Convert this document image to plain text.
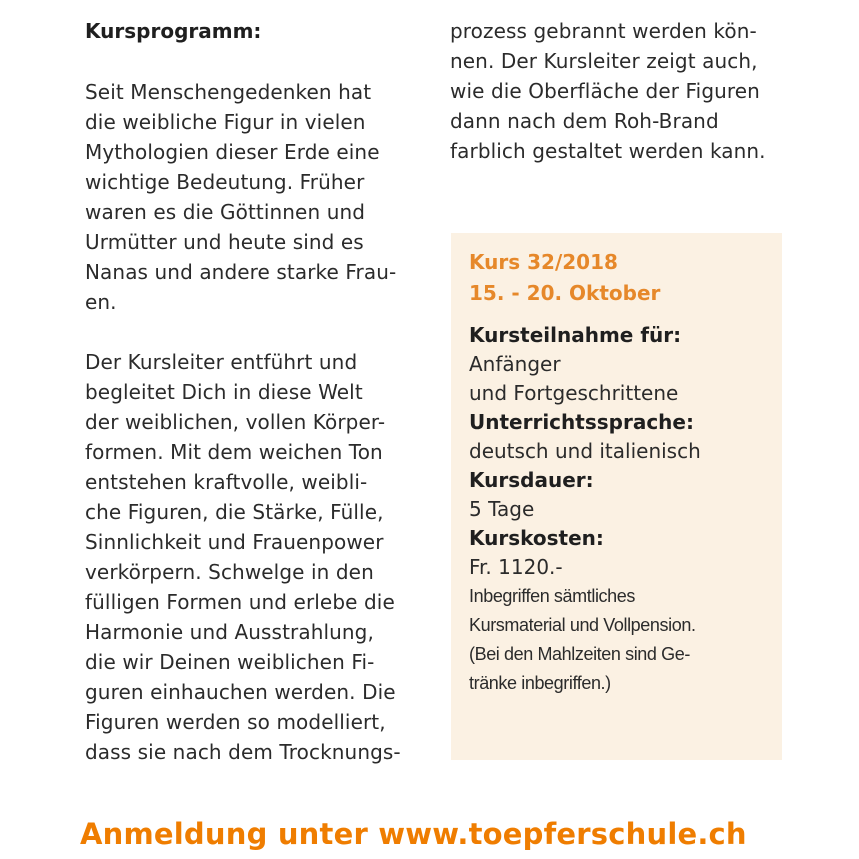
Kursprogramm:

Seit Menschengedenken hat
die weibliche Figur in vielen
Mythologien dieser Erde eine
wichtige Bedeutung. Früher
waren es die Göttinnen und
Urmütter und heute sind es
Nanas und andere starke Frau-
en.

Der Kursleiter entführt und
begleitet Dich in diese Welt
der weiblichen, vollen Körper-
formen. Mit dem weichen Ton
entstehen kraftvolle, weibli-
che Figuren, die Stärke, Fülle,
Sinnlichkeit und Frauenpower
verkörpern. Schwelge in den
fülligen Formen und erlebe die
Harmonie und Ausstrahlung,
die wir Deinen weiblichen Fi-
guren einhauchen werden. Die
Figuren werden so modelliert,
dass sie nach dem Trocknungs-

prozess gebrannt werden kön-
nen. Der Kursleiter zeigt auch,
wie die Oberfläche der Figuren
dann nach dem Roh-Brand
farblich gestaltet werden kann.

Kurs 32/2018
15. - 20. Oktober
Kursteilnahme für:
Anfänger
und Fortgeschrittene
Unterrichtssprache:
deutsch und italienisch
Kursdauer:
5 Tage
Kurskosten:
Fr. 1120.-
Inbegriffen sämtliches
Kursmaterial und Vollpension.
(Bei den Mahlzeiten sind Ge-
tränke inbegriffen.)
Anmeldung unter www.toepferschule.ch
